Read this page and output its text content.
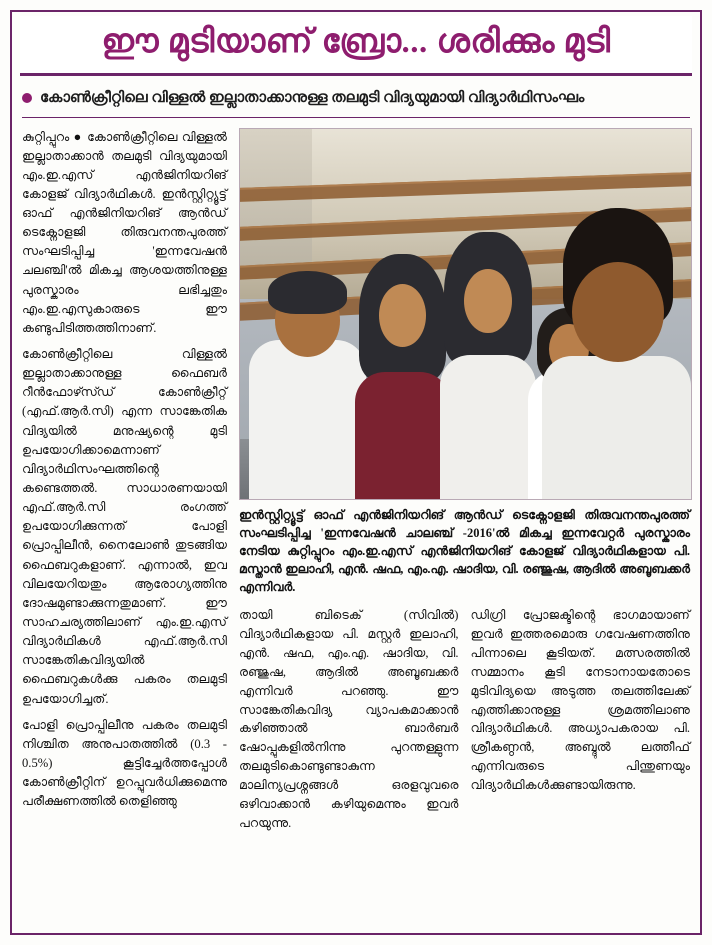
ഈ മുടിയാണ് ബ്രോ... ശരിക്കും മുടി
കോൺക്രീറ്റിലെ വിള്ളൽ ഇല്ലാതാക്കാനുള്ള തലമുടി വിദ്യയുമായി വിദ്യാർഥിസംഘം

കുറ്റിപ്പുറം ● കോൺക്രീറ്റിലെ വിള്ളൽ ഇല്ലാതാക്കാൻ തലമുടി വിദ്യയുമായി എം.ഇ.എസ് എൻജിനിയറിങ് കോളജ് വിദ്യാർഥികൾ. ഇൻസ്റ്റിറ്റ്യൂട്ട് ഓഫ് എൻജിനിയറിങ് ആൻഡ് ടെക്നോളജി തിരുവനന്തപുരത്ത് സംഘടിപ്പിച്ച 'ഇന്നവേഷൻ ചലഞ്ചി'ൽ മികച്ച ആശയത്തിനുള്ള പുരസ്കാരം ലഭിച്ചതും എം.ഇ.എസുകാരുടെ ഈ കണ്ടുപിടിത്തത്തിനാണ്.

കോൺക്രീറ്റിലെ വിള്ളൽ ഇല്ലാതാക്കാനുള്ള ഫൈബർ റീൻഫോഴ്സ്ഡ് കോൺക്രീറ്റ് (എഫ്.ആർ.സി) എന്ന സാങ്കേതിക വിദ്യയിൽ മനുഷ്യന്റെ മുടി ഉപയോഗിക്കാമെന്നാണ് വിദ്യാർഥിസംഘത്തിന്റെ കണ്ടെത്തൽ. സാധാരണയായി എഫ്.ആർ.സി രംഗത്ത് ഉപയോഗിക്കുന്നത് പോളി പ്രൊപ്പിലീൻ, നൈലോൺ തുടങ്ങിയ ഫൈബറുകളാണ്. എന്നാൽ, ഇവ വിലയേറിയതും ആരോഗ്യത്തിനു ദോഷമുണ്ടാക്കുന്നതുമാണ്. ഈ സാഹചര്യത്തിലാണ് എം.ഇ.എസ് വിദ്യാർഥികൾ എഫ്.ആർ.സി സാങ്കേതികവിദ്യയിൽ ഫൈബറുകൾക്കു പകരം തലമുടി ഉപയോഗിച്ചത്.

പോളി പ്രൊപ്പിലീനു പകരം തലമുടി നിശ്ചിത അനുപാതത്തിൽ (0.3 - 0.5%) കൂട്ടിച്ചേർത്തപ്പോൾ കോൺക്രീറ്റിന് ഉറപ്പുവർധിക്കുമെന്നു പരീക്ഷണത്തിൽ തെളിഞ്ഞു

ഇൻസ്റ്റിറ്റ്യൂട്ട് ഓഫ് എൻജിനിയറിങ് ആൻഡ് ടെക്നോളജി തിരുവനന്തപുരത്ത് സംഘടിപ്പിച്ച 'ഇന്നവേഷൻ ചാലഞ്ച് -2016'ൽ മികച്ച ഇന്നവേറ്റർ പുരസ്കാരം നേടിയ കുറ്റിപ്പുറം എം.ഇ.എസ് എൻജിനിയറിങ് കോളജ് വിദ്യാർഥികളായ പി. മസ്താൻ ഇലാഹി, എൻ. ഷഫ, എം.എ. ഷാദിയ, വി. രഞ്ജുഷ, ആദിൽ അബൂബക്കർ എന്നിവർ.

തായി ബിടെക് (സിവിൽ) വിദ്യാർഥികളായ പി. മസ്റ്റർ ഇലാഹി, എൻ. ഷഫ, എം.എ. ഷാദിയ, വി. രഞ്ജുഷ, ആദിൽ അബൂബക്കർ എന്നിവർ പറഞ്ഞു. ഈ സാങ്കേതികവിദ്യ വ്യാപകമാക്കാൻ കഴിഞ്ഞാൽ ബാർബർ ഷോപ്പുകളിൽനിന്നു പുറന്തള്ളുന്ന തലമുടികൊണ്ടുണ്ടാകുന്ന മാലിന്യപ്രശ്നങ്ങൾ ഒരളവുവരെ ഒഴിവാക്കാൻ കഴിയുമെന്നും ഇവർ പറയുന്നു.

ഡിഗ്രി പ്രോജക്ടിന്റെ ഭാഗമായാണ് ഇവർ ഇത്തരമൊരു ഗവേഷണത്തിനു പിന്നാലെ കൂടിയത്. മത്സരത്തിൽ സമ്മാനം കൂടി നേടാനായതോടെ മുടിവിദ്യയെ അടുത്ത തലത്തിലേക്ക് എത്തിക്കാനുള്ള ശ്രമത്തിലാണു വിദ്യാർഥികൾ. അധ്യാപകരായ പി. ശ്രീകണ്ഠൻ, അബ്ദുൽ ലത്തീഫ് എന്നിവരുടെ പിന്തുണയും വിദ്യാർഥികൾക്കുണ്ടായിരുന്നു.
